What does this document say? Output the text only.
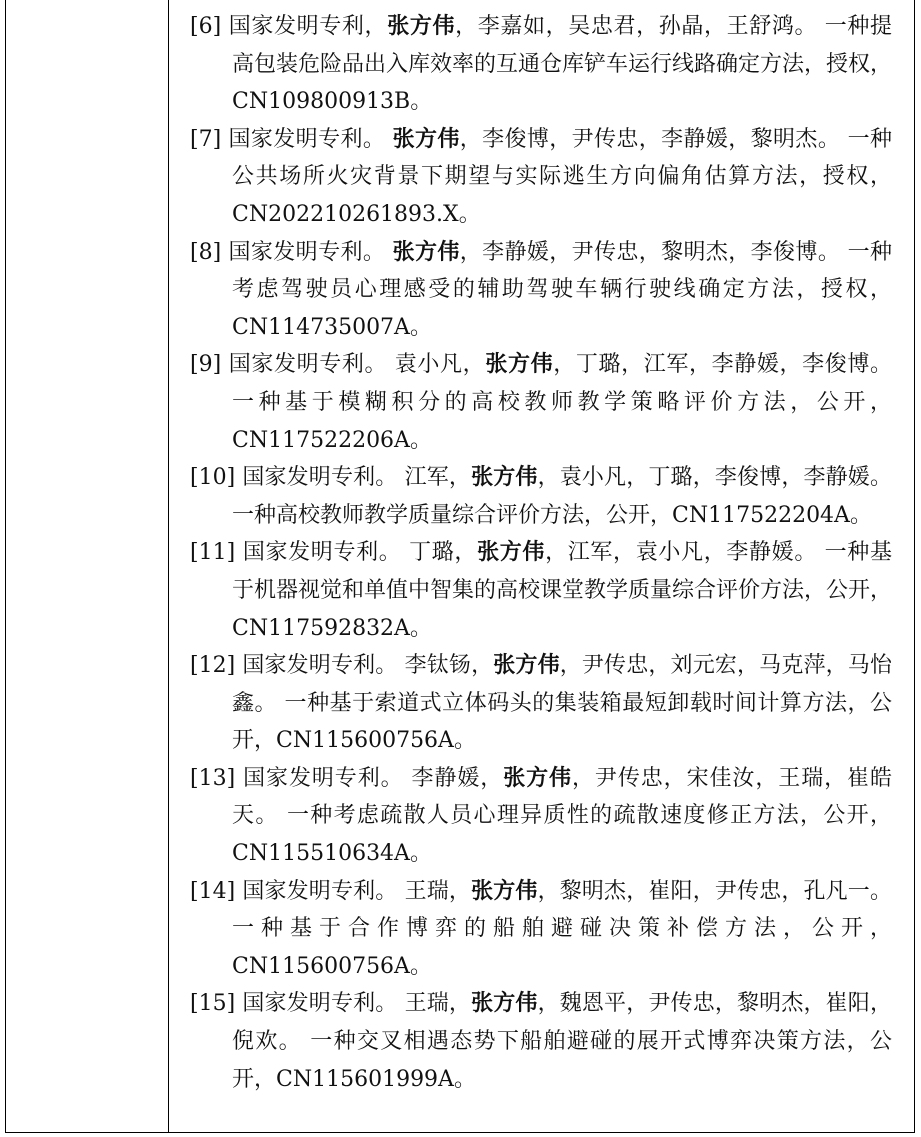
[6] 国家发明专利，张方伟，李嘉如，吴忠君，孙晶，王舒鸿。 一种提高包装危险品出入库效率的互通仓库铲车运行线路确定方法，授权，CN109800913B。

[7] 国家发明专利。 张方伟，李俊博，尹传忠，李静媛，黎明杰。 一种公共场所火灾背景下期望与实际逃生方向偏角估算方法，授权，CN202210261893.X。

[8] 国家发明专利。 张方伟，李静媛，尹传忠，黎明杰，李俊博。 一种考虑驾驶员心理感受的辅助驾驶车辆行驶线确定方法，授权，CN114735007A。

[9] 国家发明专利。 袁小凡，张方伟，丁璐，江军，李静媛，李俊博。 一种基于模糊积分的高校教师教学策略评价方法，公开，CN117522206A。

[10] 国家发明专利。 江军，张方伟，袁小凡，丁璐，李俊博，李静媛。 一种高校教师教学质量综合评价方法，公开，CN117522204A。

[11] 国家发明专利。 丁璐，张方伟，江军，袁小凡，李静媛。 一种基于机器视觉和单值中智集的高校课堂教学质量综合评价方法，公开，CN117592832A。

[12] 国家发明专利。 李钛钖，张方伟，尹传忠，刘元宏，马克萍，马怡鑫。 一种基于索道式立体码头的集装箱最短卸载时间计算方法，公开，CN115600756A。

[13] 国家发明专利。 李静媛，张方伟，尹传忠，宋佳汝，王瑞，崔皓天。 一种考虑疏散人员心理异质性的疏散速度修正方法，公开，CN115510634A。

[14] 国家发明专利。 王瑞，张方伟，黎明杰，崔阳，尹传忠，孔凡一。 一种基于合作博弈的船舶避碰决策补偿方法，公开，CN115600756A。

[15] 国家发明专利。 王瑞，张方伟，魏恩平，尹传忠，黎明杰，崔阳，倪欢。 一种交叉相遇态势下船舶避碰的展开式博弈决策方法，公开，CN115601999A。
